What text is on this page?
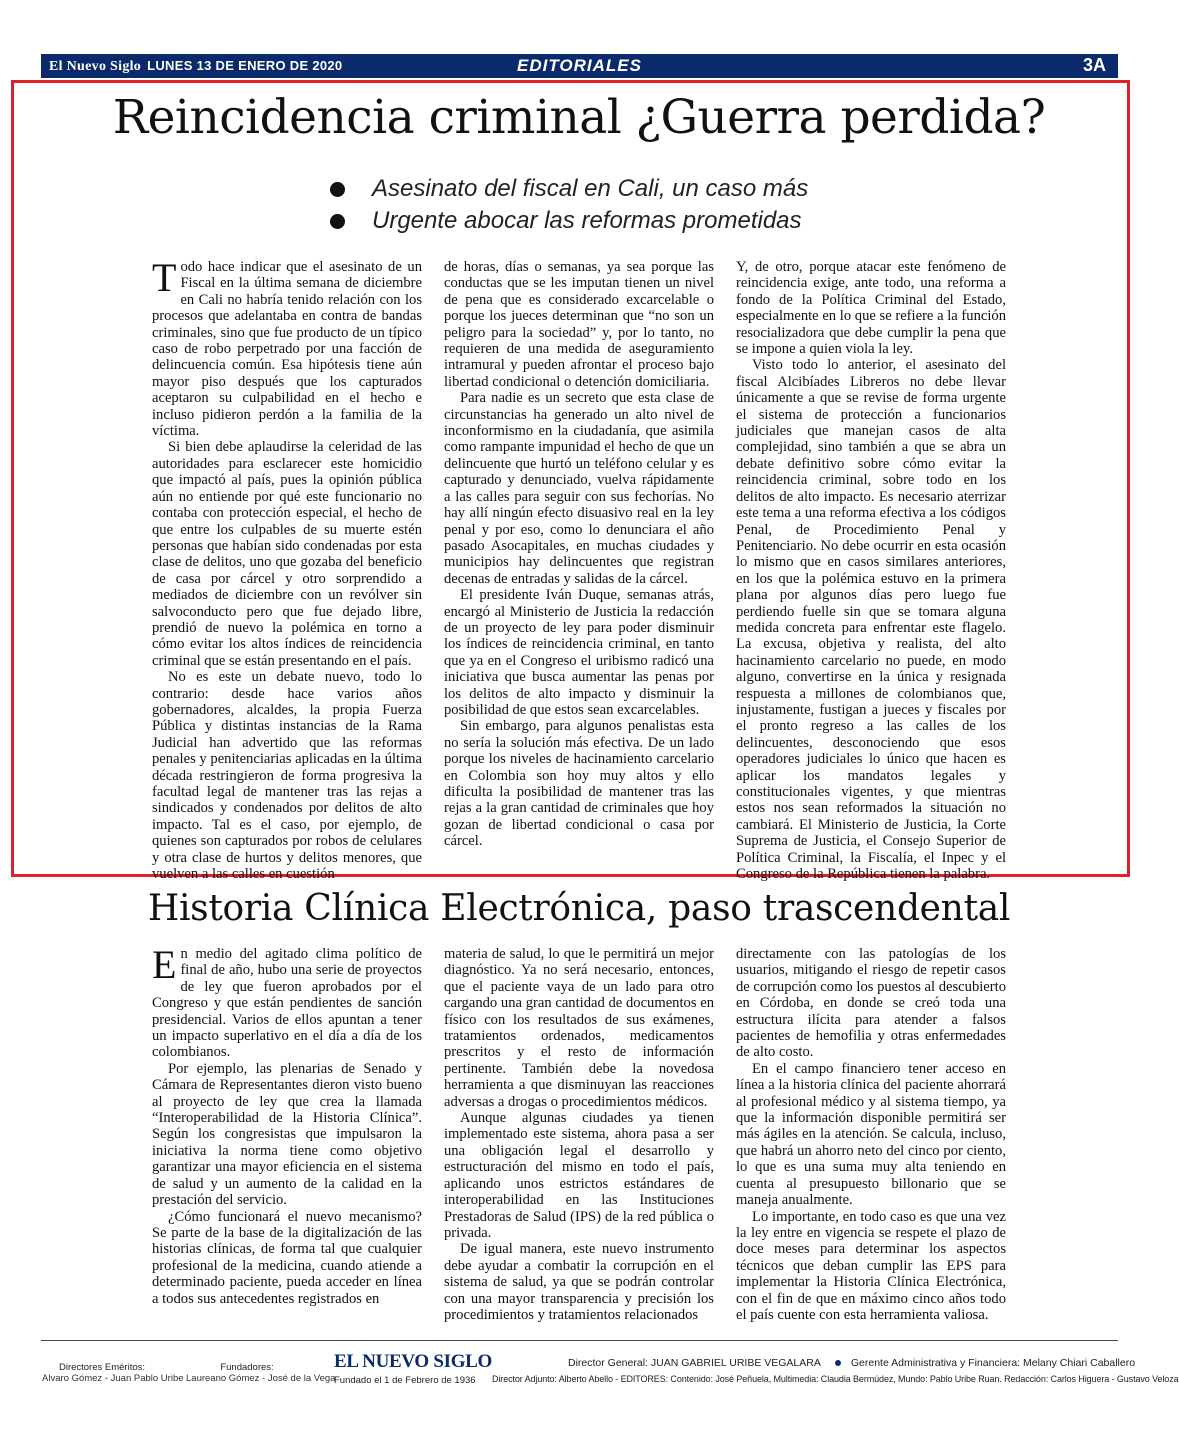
El Nuevo Siglo LUNES 13 DE ENERO DE 2020	EDITORIALES	3A
Reincidencia criminal ¿Guerra perdida?
Asesinato del fiscal en Cali, un caso más
Urgente abocar las reformas prometidas

Todo hace indicar que el asesinato de un Fiscal en la última semana de diciembre en Cali no habría tenido relación con los procesos que adelantaba en contra de bandas criminales, sino que fue producto de un típico caso de robo perpetrado por una facción de delincuencia común. Esa hipótesis tiene aún mayor piso después que los capturados aceptaron su culpabilidad en el hecho e incluso pidieron perdón a la familia de la víctima.

Si bien debe aplaudirse la celeridad de las autoridades para esclarecer este homicidio que impactó al país, pues la opinión pública aún no entiende por qué este funcionario no contaba con protección especial, el hecho de que entre los culpables de su muerte estén personas que habían sido condenadas por esta clase de delitos, uno que gozaba del beneficio de casa por cárcel y otro sorprendido a mediados de diciembre con un revólver sin salvoconducto pero que fue dejado libre, prendió de nuevo la polémica en torno a cómo evitar los altos índices de reincidencia criminal que se están presentando en el país.

No es este un debate nuevo, todo lo contrario: desde hace varios años gobernadores, alcaldes, la propia Fuerza Pública y distintas instancias de la Rama Judicial han advertido que las reformas penales y penitenciarias aplicadas en la última década restringieron de forma progresiva la facultad legal de mantener tras las rejas a sindicados y condenados por delitos de alto impacto. Tal es el caso, por ejemplo, de quienes son capturados por robos de celulares y otra clase de hurtos y delitos menores, que vuelven a las calles en cuestión

de horas, días o semanas, ya sea porque las conductas que se les imputan tienen un nivel de pena que es considerado excarcelable o porque los jueces determinan que “no son un peligro para la sociedad” y, por lo tanto, no requieren de una medida de aseguramiento intramural y pueden afrontar el proceso bajo libertad condicional o detención domiciliaria.

Para nadie es un secreto que esta clase de circunstancias ha generado un alto nivel de inconformismo en la ciudadanía, que asimila como rampante impunidad el hecho de que un delincuente que hurtó un teléfono celular y es capturado y denunciado, vuelva rápidamente a las calles para seguir con sus fechorías. No hay allí ningún efecto disuasivo real en la ley penal y por eso, como lo denunciara el año pasado Asocapitales, en muchas ciudades y municipios hay delincuentes que registran decenas de entradas y salidas de la cárcel.

El presidente Iván Duque, semanas atrás, encargó al Ministerio de Justicia la redacción de un proyecto de ley para poder disminuir los índices de reincidencia criminal, en tanto que ya en el Congreso el uribismo radicó una iniciativa que busca aumentar las penas por los delitos de alto impacto y disminuir la posibilidad de que estos sean excarcelables.

Sin embargo, para algunos penalistas esta no sería la solución más efectiva. De un lado porque los niveles de hacinamiento carcelario en Colombia son hoy muy altos y ello dificulta la posibilidad de mantener tras las rejas a la gran cantidad de criminales que hoy gozan de libertad condicional o casa por cárcel.

Y, de otro, porque atacar este fenómeno de reincidencia exige, ante todo, una reforma a fondo de la Política Criminal del Estado, especialmente en lo que se refiere a la función resocializadora que debe cumplir la pena que se impone a quien viola la ley.

Visto todo lo anterior, el asesinato del fiscal Alcibíades Libreros no debe llevar únicamente a que se revise de forma urgente el sistema de protección a funcionarios judiciales que manejan casos de alta complejidad, sino también a que se abra un debate definitivo sobre cómo evitar la reincidencia criminal, sobre todo en los delitos de alto impacto. Es necesario aterrizar este tema a una reforma efectiva a los códigos Penal, de Procedimiento Penal y Penitenciario. No debe ocurrir en esta ocasión lo mismo que en casos similares anteriores, en los que la polémica estuvo en la primera plana por algunos días pero luego fue perdiendo fuelle sin que se tomara alguna medida concreta para enfrentar este flagelo. La excusa, objetiva y realista, del alto hacinamiento carcelario no puede, en modo alguno, convertirse en la única y resignada respuesta a millones de colombianos que, injustamente, fustigan a jueces y fiscales por el pronto regreso a las calles de los delincuentes, desconociendo que esos operadores judiciales lo único que hacen es aplicar los mandatos legales y constitucionales vigentes, y que mientras estos nos sean reformados la situación no cambiará. El Ministerio de Justicia, la Corte Suprema de Justicia, el Consejo Superior de Política Criminal, la Fiscalía, el Inpec y el Congreso de la República tienen la palabra.

Historia Clínica Electrónica, paso trascendental

En medio del agitado clima político de final de año, hubo una serie de proyectos de ley que fueron aprobados por el Congreso y que están pendientes de sanción presidencial. Varios de ellos apuntan a tener un impacto superlativo en el día a día de los colombianos.

Por ejemplo, las plenarias de Senado y Cámara de Representantes dieron visto bueno al proyecto de ley que crea la llamada “Interoperabilidad de la Historia Clínica”. Según los congresistas que impulsaron la iniciativa la norma tiene como objetivo garantizar una mayor eficiencia en el sistema de salud y un aumento de la calidad en la prestación del servicio.

¿Cómo funcionará el nuevo mecanismo? Se parte de la base de la digitalización de las historias clínicas, de forma tal que cualquier profesional de la medicina, cuando atiende a determinado paciente, pueda acceder en línea a todos sus antecedentes registrados en

materia de salud, lo que le permitirá un mejor diagnóstico. Ya no será necesario, entonces, que el paciente vaya de un lado para otro cargando una gran cantidad de documentos en físico con los resultados de sus exámenes, tratamientos ordenados, medicamentos prescritos y el resto de información pertinente. También debe la novedosa herramienta a que disminuyan las reacciones adversas a drogas o procedimientos médicos.

Aunque algunas ciudades ya tienen implementado este sistema, ahora pasa a ser una obligación legal el desarrollo y estructuración del mismo en todo el país, aplicando unos estrictos estándares de interoperabilidad en las Instituciones Prestadoras de Salud (IPS) de la red pública o privada.

De igual manera, este nuevo instrumento debe ayudar a combatir la corrupción en el sistema de salud, ya que se podrán controlar con una mayor transparencia y precisión los procedimientos y tratamientos relacionados

directamente con las patologías de los usuarios, mitigando el riesgo de repetir casos de corrupción como los puestos al descubierto en Córdoba, en donde se creó toda una estructura ilícita para atender a falsos pacientes de hemofilia y otras enfermedades de alto costo.

En el campo financiero tener acceso en línea a la historia clínica del paciente ahorrará al profesional médico y al sistema tiempo, ya que la información disponible permitirá ser más ágiles en la atención. Se calcula, incluso, que habrá un ahorro neto del cinco por ciento, lo que es una suma muy alta teniendo en cuenta al presupuesto billonario que se maneja anualmente.

Lo importante, en todo caso es que una vez la ley entre en vigencia se respete el plazo de doce meses para determinar los aspectos técnicos que deban cumplir las EPS para implementar la Historia Clínica Electrónica, con el fin de que en máximo cinco años todo el país cuente con esta herramienta valiosa.

Directores Eméritos:
Alvaro Gómez - Juan Pablo Uribe
Fundadores:
Laureano Gómez - José de la Vega
EL NUEVO SIGLO
Fundado el 1 de Febrero de 1936
Director General: JUAN GABRIEL URIBE VEGALARA	Gerente Administrativa y Financiera: Melany Chiari Caballero
Director Adjunto: Alberto Abello - EDITORES: Contenido: José Peñuela, Multimedia: Claudia Bermúdez, Mundo: Pablo Uribe Ruan. Redacción: Carlos Higuera - Gustavo Veloza
